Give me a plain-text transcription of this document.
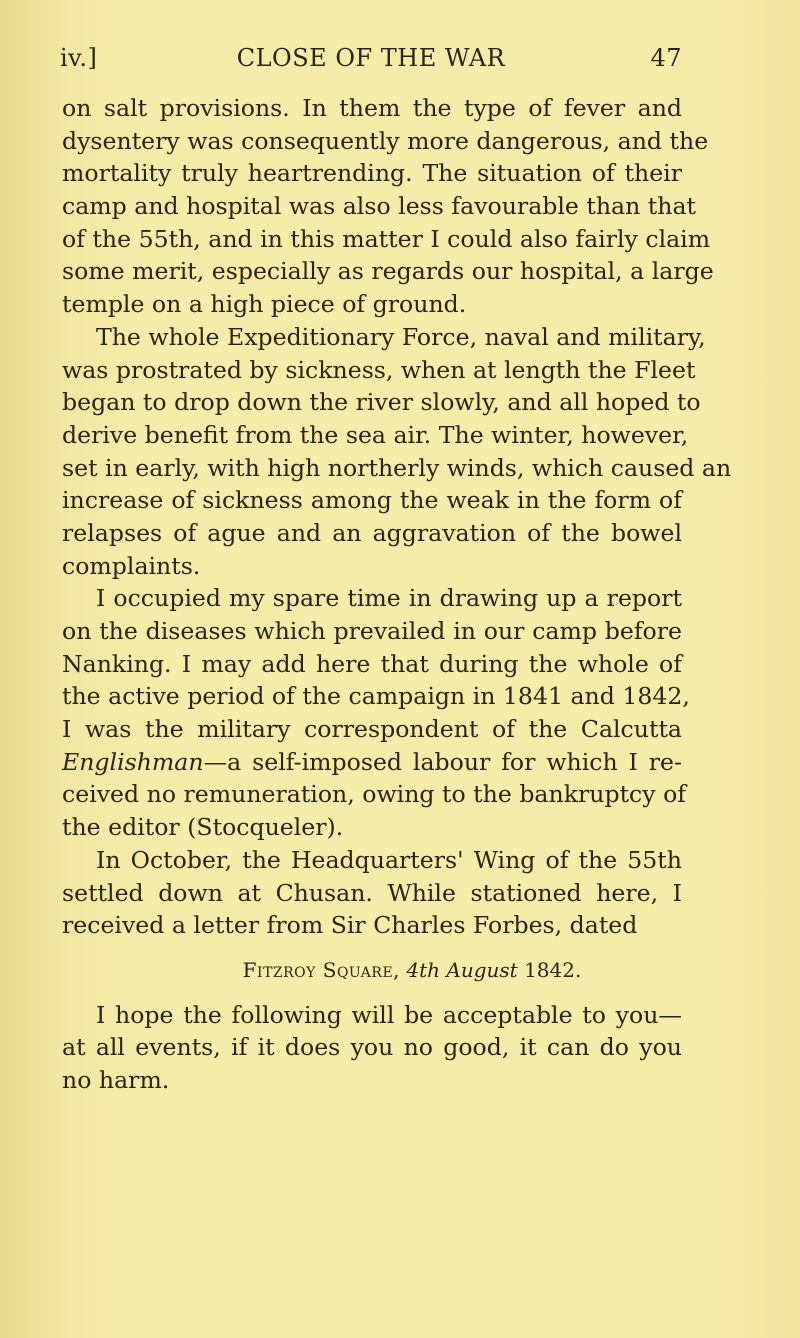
iv.]	CLOSE OF THE WAR	47
on salt provisions. In them the type of fever and
dysentery was consequently more dangerous, and the
mortality truly heartrending. The situation of their
camp and hospital was also less favourable than that
of the 55th, and in this matter I could also fairly claim
some merit, especially as regards our hospital, a large
temple on a high piece of ground.
The whole Expeditionary Force, naval and military,
was prostrated by sickness, when at length the Fleet
began to drop down the river slowly, and all hoped to
derive benefit from the sea air. The winter, however,
set in early, with high northerly winds, which caused an
increase of sickness among the weak in the form of
relapses of ague and an aggravation of the bowel
complaints.
I occupied my spare time in drawing up a report
on the diseases which prevailed in our camp before
Nanking. I may add here that during the whole of
the active period of the campaign in 1841 and 1842,
I was the military correspondent of the Calcutta
Englishman—a self-imposed labour for which I re-
ceived no remuneration, owing to the bankruptcy of
the editor (Stocqueler).
In October, the Headquarters' Wing of the 55th
settled down at Chusan. While stationed here, I
received a letter from Sir Charles Forbes, dated
Fitzroy Square, 4th August 1842.
I hope the following will be acceptable to you—
at all events, if it does you no good, it can do you
no harm.
